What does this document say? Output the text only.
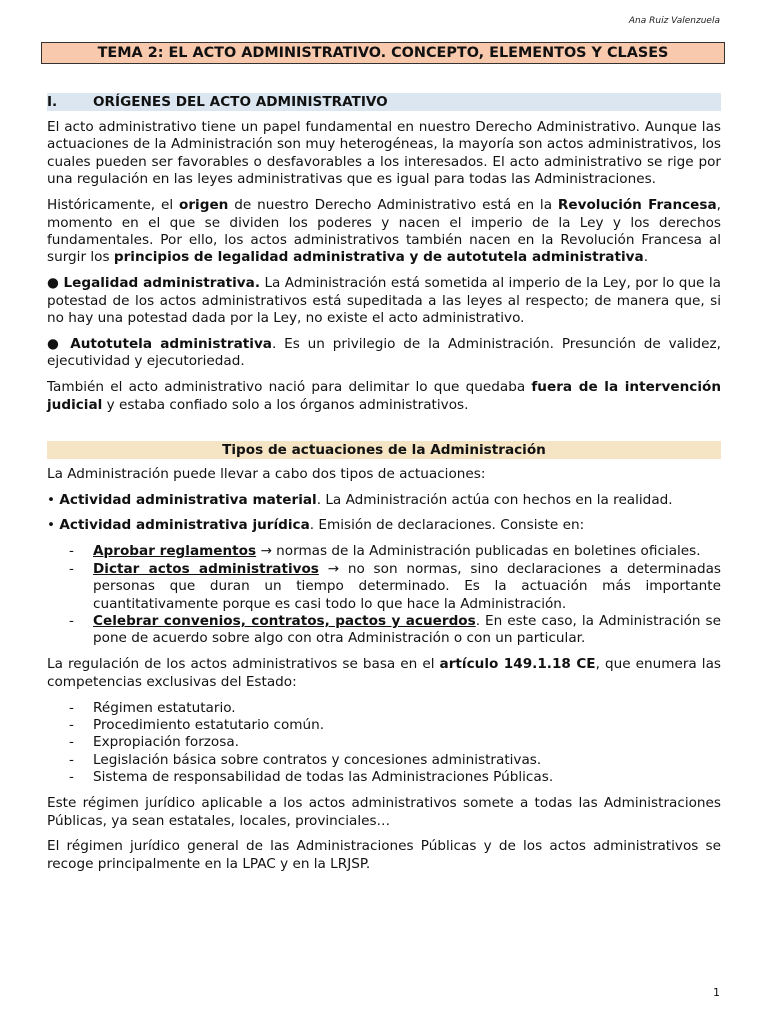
Ana Ruiz Valenzuela
TEMA 2: EL ACTO ADMINISTRATIVO. CONCEPTO, ELEMENTOS Y CLASES
I.	ORÍGENES DEL ACTO ADMINISTRATIVO

El acto administrativo tiene un papel fundamental en nuestro Derecho Administrativo. Aunque las actuaciones de la Administración son muy heterogéneas, la mayoría son actos administrativos, los cuales pueden ser favorables o desfavorables a los interesados. El acto administrativo se rige por una regulación en las leyes administrativas que es igual para todas las Administraciones.

Históricamente, el origen de nuestro Derecho Administrativo está en la Revolución Francesa, momento en el que se dividen los poderes y nacen el imperio de la Ley y los derechos fundamentales. Por ello, los actos administrativos también nacen en la Revolución Francesa al surgir los principios de legalidad administrativa y de autotutela administrativa.

● Legalidad administrativa. La Administración está sometida al imperio de la Ley, por lo que la potestad de los actos administrativos está supeditada a las leyes al respecto; de manera que, si no hay una potestad dada por la Ley, no existe el acto administrativo.

● Autotutela administrativa. Es un privilegio de la Administración. Presunción de validez, ejecutividad y ejecutoriedad.

También el acto administrativo nació para delimitar lo que quedaba fuera de la intervención judicial y estaba confiado solo a los órganos administrativos.

Tipos de actuaciones de la Administración

La Administración puede llevar a cabo dos tipos de actuaciones:

• Actividad administrativa material. La Administración actúa con hechos en la realidad.

• Actividad administrativa jurídica. Emisión de declaraciones. Consiste en:

- Aprobar reglamentos → normas de la Administración publicadas en boletines oficiales.
- Dictar actos administrativos → no son normas, sino declaraciones a determinadas personas que duran un tiempo determinado. Es la actuación más importante cuantitativamente porque es casi todo lo que hace la Administración.
- Celebrar convenios, contratos, pactos y acuerdos. En este caso, la Administración se pone de acuerdo sobre algo con otra Administración o con un particular.

La regulación de los actos administrativos se basa en el artículo 149.1.18 CE, que enumera las competencias exclusivas del Estado:

- Régimen estatutario.
- Procedimiento estatutario común.
- Expropiación forzosa.
- Legislación básica sobre contratos y concesiones administrativas.
- Sistema de responsabilidad de todas las Administraciones Públicas.

Este régimen jurídico aplicable a los actos administrativos somete a todas las Administraciones Públicas, ya sean estatales, locales, provinciales…

El régimen jurídico general de las Administraciones Públicas y de los actos administrativos se recoge principalmente en la LPAC y en la LRJSP.

1
